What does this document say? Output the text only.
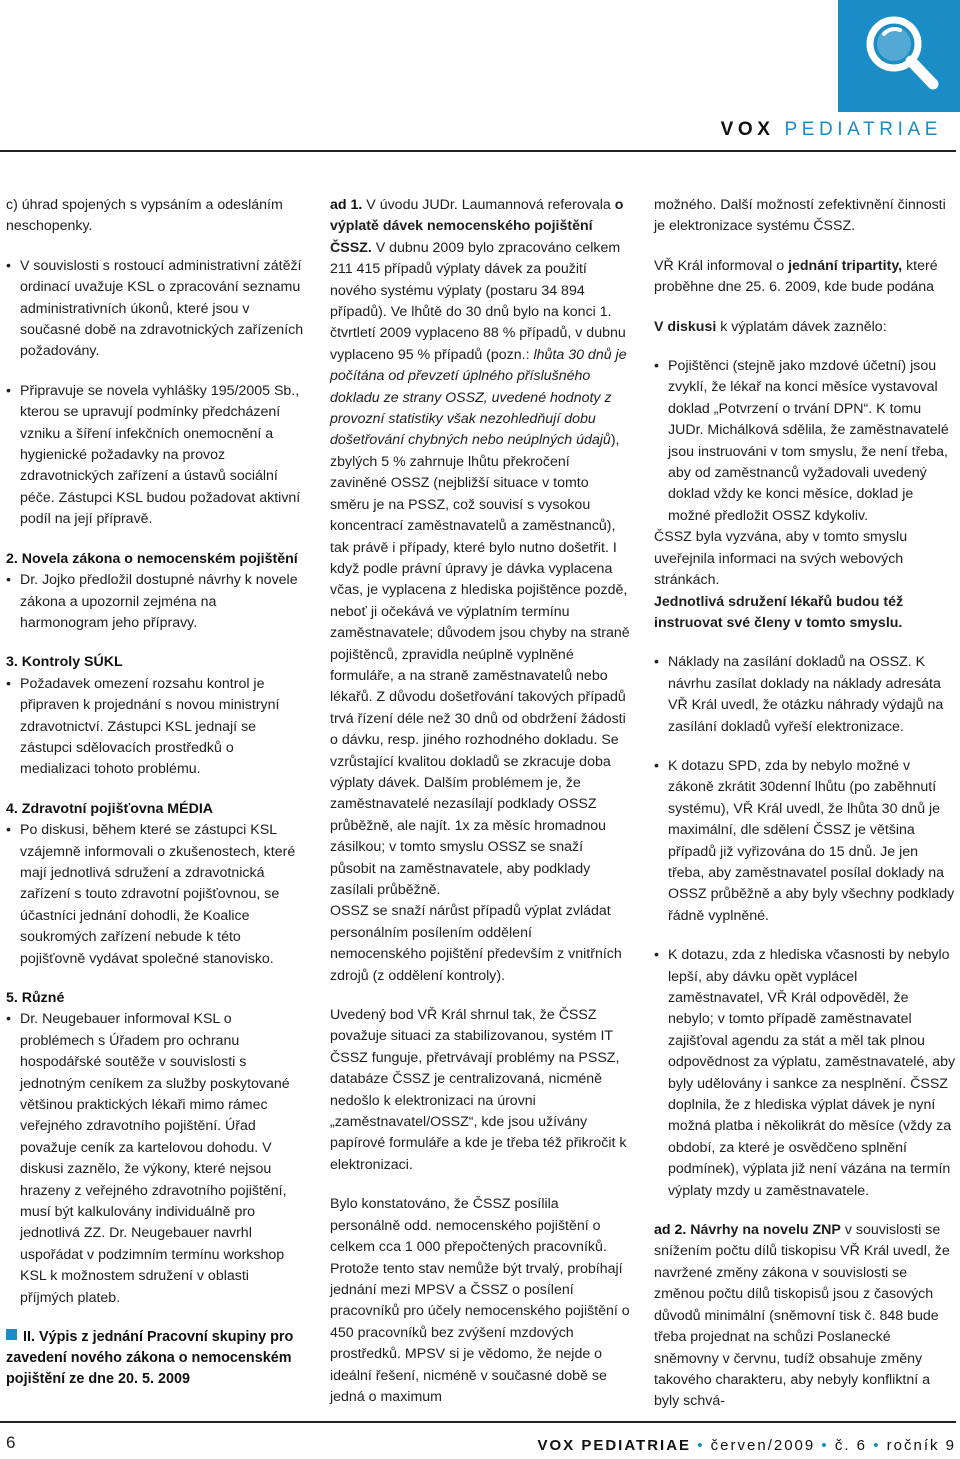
VOX PEDIATRIAE

c) úhrad spojených s vypsáním a odesláním neschopenky.

• V souvislosti s rostoucí administrativní zátěží ordinací uvažuje KSL o zpracování seznamu administrativních úkonů, které jsou v současné době na zdravotnických zařízeních požadovány.
• Připravuje se novela vyhlášky 195/2005 Sb., kterou se upravují podmínky předcházení vzniku a šíření infekčních onemocnění a hygienické požadavky na provoz zdravotnických zařízení a ústavů sociální péče. Zástupci KSL budou požadovat aktivní podíl na její přípravě.

2. Novela zákona o nemocenském pojištění

• Dr. Jojko předložil dostupné návrhy k novele zákona a upozornil zejména na harmonogram jeho přípravy.

3. Kontroly SÚKL

• Požadavek omezení rozsahu kontrol je připraven k projednání s novou ministryní zdravotnictví. Zástupci KSL jednají se zástupci sdělovacích prostředků o medializaci tohoto problému.

4. Zdravotní pojišťovna MÉDIA

• Po diskusi, během které se zástupci KSL vzájemně informovali o zkušenostech, které mají jednotlivá sdružení a zdravotnická zařízení s touto zdravotní pojišťovnou, se účastníci jednání dohodli, že Koalice soukromých zařízení nebude k této pojišťovně vydávat společné stanovisko.

5. Různé

• Dr. Neugebauer informoval KSL o problémech s Úřadem pro ochranu hospodářské soutěže v souvislosti s jednotným ceníkem za služby poskytované většinou praktických lékaři mimo rámec veřejného zdravotního pojištění. Úřad považuje ceník za kartelovou dohodu. V diskusi zaznělo, že výkony, které nejsou hrazeny z veřejného zdravotního pojištění, musí být kalkulovány individuálně pro jednotlivá ZZ. Dr. Neugebauer navrhl uspořádat v podzimním termínu workshop KSL k možnostem sdružení v oblasti příjmých plateb.

II. Výpis z jednání Pracovní skupiny pro zavedení nového zákona o nemocenském pojištění ze dne 20. 5. 2009

ad 1. V úvodu JUDr. Laumannová referovala o výplatě dávek nemocenského pojištění ČSSZ. V dubnu 2009 bylo zpracováno celkem 211 415 případů výplaty dávek za použití nového systému výplaty (postaru 34 894 případů). Ve lhůtě do 30 dnů bylo na konci 1. čtvrtletí 2009 vyplaceno 88 % případů, v dubnu vyplaceno 95 % případů (pozn.: lhůta 30 dnů je počítána od převzetí úplného příslušného dokladu ze strany OSSZ, uvedené hodnoty z provozní statistiky však nezohledňují dobu došetřování chybných nebo neúplných údajů), zbylých 5 % zahrnuje lhůtu překročení zaviněné OSSZ (nejbližší situace v tomto směru je na PSSZ, což souvisí s vysokou koncentrací zaměstnavatelů a zaměstnanců), tak právě i případy, které bylo nutno došetřit. I když podle právní úpravy je dávka vyplacena včas, je vyplacena z hlediska pojištěnce pozdě, neboť ji očekává ve výplatním termínu zaměstnavatele; důvodem jsou chyby na straně pojištěnců, zpravidla neúplně vyplněné formuláře, a na straně zaměstnavatelů nebo lékařů. Z důvodu došetřování takových případů trvá řízení déle než 30 dnů od obdržení žádosti o dávku, resp. jiného rozhodného dokladu. Se vzrůstající kvalitou dokladů se zkracuje doba výplaty dávek. Dalším problémem je, že zaměstnavatelé nezasílají podklady OSSZ průběžně, ale najít. 1x za měsíc hromadnou zásilkou; v tomto smyslu OSSZ se snaží působit na zaměstnavatele, aby podklady zasílali průběžně.

OSSZ se snaží nárůst případů výplat zvládat personálním posílením oddělení nemocenského pojištění především z vnitřních zdrojů (z oddělení kontroly).

Uvedený bod VŘ Král shrnul tak, že ČSSZ považuje situaci za stabilizovanou, systém IT ČSSZ funguje, přetrvávají problémy na PSSZ, databáze ČSSZ je centralizovaná, nicméně nedošlo k elektronizaci na úrovni „zaměstnavatel/OSSZ“, kde jsou užívány papírové formuláře a kde je třeba též přikročit k elektronizaci.

Bylo konstatováno, že ČSSZ posílila personálně odd. nemocenského pojištění o celkem cca 1 000 přepočtených pracovníků. Protože tento stav nemůže být trvalý, probíhají jednání mezi MPSV a ČSSZ o posílení pracovníků pro účely nemocenského pojištění o 450 pracovníků bez zvýšení mzdových prostředků. MPSV si je vědomo, že nejde o ideální řešení, nicméně v současné době se jedná o maximum

možného. Další možností zefektivnění činnosti je elektronizace systému ČSSZ.

VŘ Král informoval o jednání tripartity, které proběhne dne 25. 6. 2009, kde bude podána

V diskusi k výplatám dávek zaznělo:

• Pojištěnci (stejně jako mzdové účetní) jsou zvyklí, že lékař na konci měsíce vystavoval doklad „Potvrzení o trvání DPN“. K tomu JUDr. Michálková sdělila, že zaměstnavatelé jsou instruováni v tom smyslu, že není třeba, aby od zaměstnanců vyžadovali uvedený doklad vždy ke konci měsíce, doklad je možné předložit OSSZ kdykoliv.

ČSSZ byla vyzvána, aby v tomto smyslu uveřejnila informaci na svých webových stránkách.

Jednotlivá sdružení lékařů budou též instruovat své členy v tomto smyslu.

• Náklady na zasílání dokladů na OSSZ. K návrhu zasílat doklady na náklady adresáta VŘ Král uvedl, že otázku náhrady výdajů na zasílání dokladů vyřeší elektronizace.
• K dotazu SPD, zda by nebylo možné v zákoně zkrátit 30denní lhůtu (po zaběhnutí systému), VŘ Král uvedl, že lhůta 30 dnů je maximální, dle sdělení ČSSZ je většina případů již vyřizována do 15 dnů. Je jen třeba, aby zaměstnavatel posílal doklady na OSSZ průběžně a aby byly všechny podklady řádně vyplněné.
• K dotazu, zda z hlediska včasnosti by nebylo lepší, aby dávku opět vyplácel zaměstnavatel, VŘ Král odpověděl, že nebylo; v tomto případě zaměstnavatel zajišťoval agendu za stát a měl tak plnou odpovědnost za výplatu, zaměstnavatelé, aby byly udělovány i sankce za nesplnění. ČSSZ doplnila, že z hlediska výplat dávek je nyní možná platba i několikrát do měsíce (vždy za období, za které je osvědčeno splnění podmínek), výplata již není vázána na termín výplaty mzdy u zaměstnavatele.

ad 2. Návrhy na novelu ZNP v souvislosti se snížením počtu dílů tiskopisu VŘ Král uvedl, že navržené změny zákona v souvislosti se změnou počtu dílů tiskopisů jsou z časových důvodů minimální (sněmovní tisk č. 848 bude třeba projednat na schůzi Poslanecké sněmovny v červnu, tudíž obsahuje změny takového charakteru, aby nebyly konfliktní a byly schvá-

6	VOX PEDIATRIAE • červen/2009 • č. 6 • ročník 9
